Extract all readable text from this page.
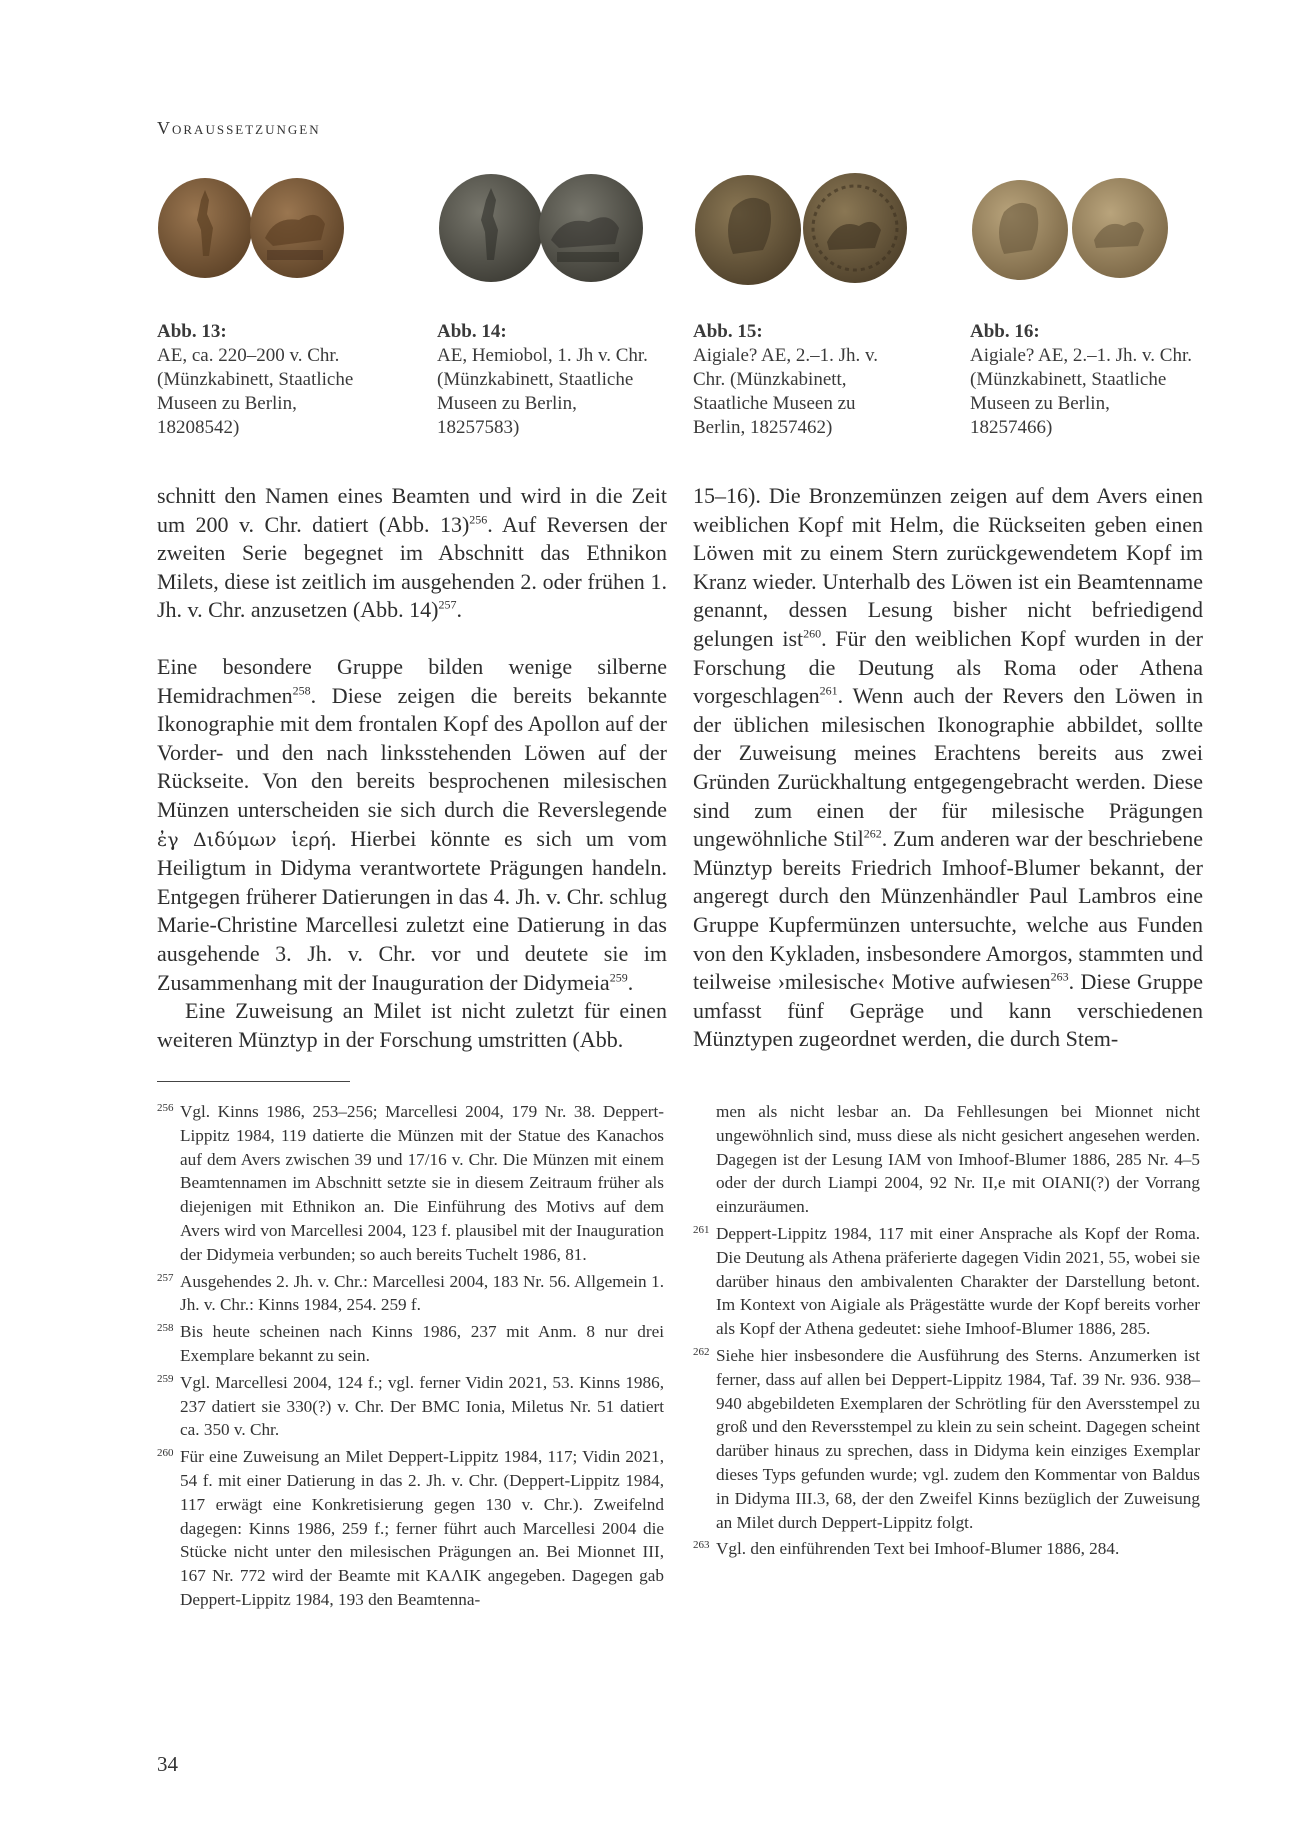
Voraussetzungen
Abb. 13:
AE, ca. 220–200 v. Chr. (Münzkabinett, Staatliche Museen zu Berlin, 18208542)
Abb. 14:
AE, Hemiobol, 1. Jh v. Chr. (Münzkabinett, Staatliche Museen zu Berlin, 18257583)
Abb. 15:
Aigiale? AE, 2.–1. Jh. v. Chr. (Münzkabinett, Staatliche Museen zu Berlin, 18257462)
Abb. 16:
Aigiale? AE, 2.–1. Jh. v. Chr. (Münzkabinett, Staatliche Museen zu Berlin, 18257466)

schnitt den Namen eines Beamten und wird in die Zeit um 200 v. Chr. datiert (Abb. 13)$^{256}$. Auf Reversen der zweiten Serie begegnet im Abschnitt das Ethnikon Milets, diese ist zeitlich im ausgehenden 2. oder frühen 1. Jh. v. Chr. anzusetzen (Abb. 14)$^{257}$.

Eine besondere Gruppe bilden wenige silberne Hemidrachmen$^{258}$. Diese zeigen die bereits bekannte Ikonographie mit dem frontalen Kopf des Apollon auf der Vorder- und den nach linksstehenden Löwen auf der Rückseite. Von den bereits besprochenen milesischen Münzen unterscheiden sie sich durch die Reverslegende ἐγ Διδύμων ἱερή. Hierbei könnte es sich um vom Heiligtum in Didyma verantwortete Prägungen handeln. Entgegen früherer Datierungen in das 4. Jh. v. Chr. schlug Marie-Christine Marcellesi zuletzt eine Datierung in das ausgehende 3. Jh. v. Chr. vor und deutete sie im Zusammenhang mit der Inauguration der Didymeia$^{259}$.

Eine Zuweisung an Milet ist nicht zuletzt für einen weiteren Münztyp in der Forschung umstritten (Abb.

15–16). Die Bronzemünzen zeigen auf dem Avers einen weiblichen Kopf mit Helm, die Rückseiten geben einen Löwen mit zu einem Stern zurückgewendetem Kopf im Kranz wieder. Unterhalb des Löwen ist ein Beamtenname genannt, dessen Lesung bisher nicht befriedigend gelungen ist$^{260}$. Für den weiblichen Kopf wurden in der Forschung die Deutung als Roma oder Athena vorgeschlagen$^{261}$. Wenn auch der Revers den Löwen in der üblichen milesischen Ikonographie abbildet, sollte der Zuweisung meines Erachtens bereits aus zwei Gründen Zurückhaltung entgegengebracht werden. Diese sind zum einen der für milesische Prägungen ungewöhnliche Stil$^{262}$. Zum anderen war der beschriebene Münztyp bereits Friedrich Imhoof-Blumer bekannt, der angeregt durch den Münzenhändler Paul Lambros eine Gruppe Kupfermünzen untersuchte, welche aus Funden von den Kykladen, insbesondere Amorgos, stammten und teilweise ›milesische‹ Motive aufwiesen$^{263}$. Diese Gruppe umfasst fünf Gepräge und kann verschiedenen Münztypen zugeordnet werden, die durch Stem-

256 Vgl. Kinns 1986, 253–256; Marcellesi 2004, 179 Nr. 38. Deppert-Lippitz 1984, 119 datierte die Münzen mit der Statue des Kanachos auf dem Avers zwischen 39 und 17/16 v. Chr. Die Münzen mit einem Beamtennamen im Abschnitt setzte sie in diesem Zeitraum früher als diejenigen mit Ethnikon an. Die Einführung des Motivs auf dem Avers wird von Marcellesi 2004, 123 f. plausibel mit der Inauguration der Didymeia verbunden; so auch bereits Tuchelt 1986, 81.
257 Ausgehendes 2. Jh. v. Chr.: Marcellesi 2004, 183 Nr. 56. Allgemein 1. Jh. v. Chr.: Kinns 1984, 254. 259 f.
258 Bis heute scheinen nach Kinns 1986, 237 mit Anm. 8 nur drei Exemplare bekannt zu sein.
259 Vgl. Marcellesi 2004, 124 f.; vgl. ferner Vidin 2021, 53. Kinns 1986, 237 datiert sie 330(?) v. Chr. Der BMC Ionia, Miletus Nr. 51 datiert ca. 350 v. Chr.
260 Für eine Zuweisung an Milet Deppert-Lippitz 1984, 117; Vidin 2021, 54 f. mit einer Datierung in das 2. Jh. v. Chr. (Deppert-Lippitz 1984, 117 erwägt eine Konkretisierung gegen 130 v. Chr.). Zweifelnd dagegen: Kinns 1986, 259 f.; ferner führt auch Marcellesi 2004 die Stücke nicht unter den milesischen Prägungen an. Bei Mionnet III, 167 Nr. 772 wird der Beamte mit ΚΑΛΙΚ angegeben. Dagegen gab Deppert-Lippitz 1984, 193 den Beamtenna-
men als nicht lesbar an. Da Fehllesungen bei Mionnet nicht ungewöhnlich sind, muss diese als nicht gesichert angesehen werden. Dagegen ist der Lesung IAM von Imhoof-Blumer 1886, 285 Nr. 4–5 oder der durch Liampi 2004, 92 Nr. II,e mit OIANI(?) der Vorrang einzuräumen.
261 Deppert-Lippitz 1984, 117 mit einer Ansprache als Kopf der Roma. Die Deutung als Athena präferierte dagegen Vidin 2021, 55, wobei sie darüber hinaus den ambivalenten Charakter der Darstellung betont. Im Kontext von Aigiale als Prägestätte wurde der Kopf bereits vorher als Kopf der Athena gedeutet: siehe Imhoof-Blumer 1886, 285.
262 Siehe hier insbesondere die Ausführung des Sterns. Anzumerken ist ferner, dass auf allen bei Deppert-Lippitz 1984, Taf. 39 Nr. 936. 938–940 abgebildeten Exemplaren der Schrötling für den Aversstempel zu groß und den Reversstempel zu klein zu sein scheint. Dagegen scheint darüber hinaus zu sprechen, dass in Didyma kein einziges Exemplar dieses Typs gefunden wurde; vgl. zudem den Kommentar von Baldus in Didyma III.3, 68, der den Zweifel Kinns bezüglich der Zuweisung an Milet durch Deppert-Lippitz folgt.
263 Vgl. den einführenden Text bei Imhoof-Blumer 1886, 284.
34
